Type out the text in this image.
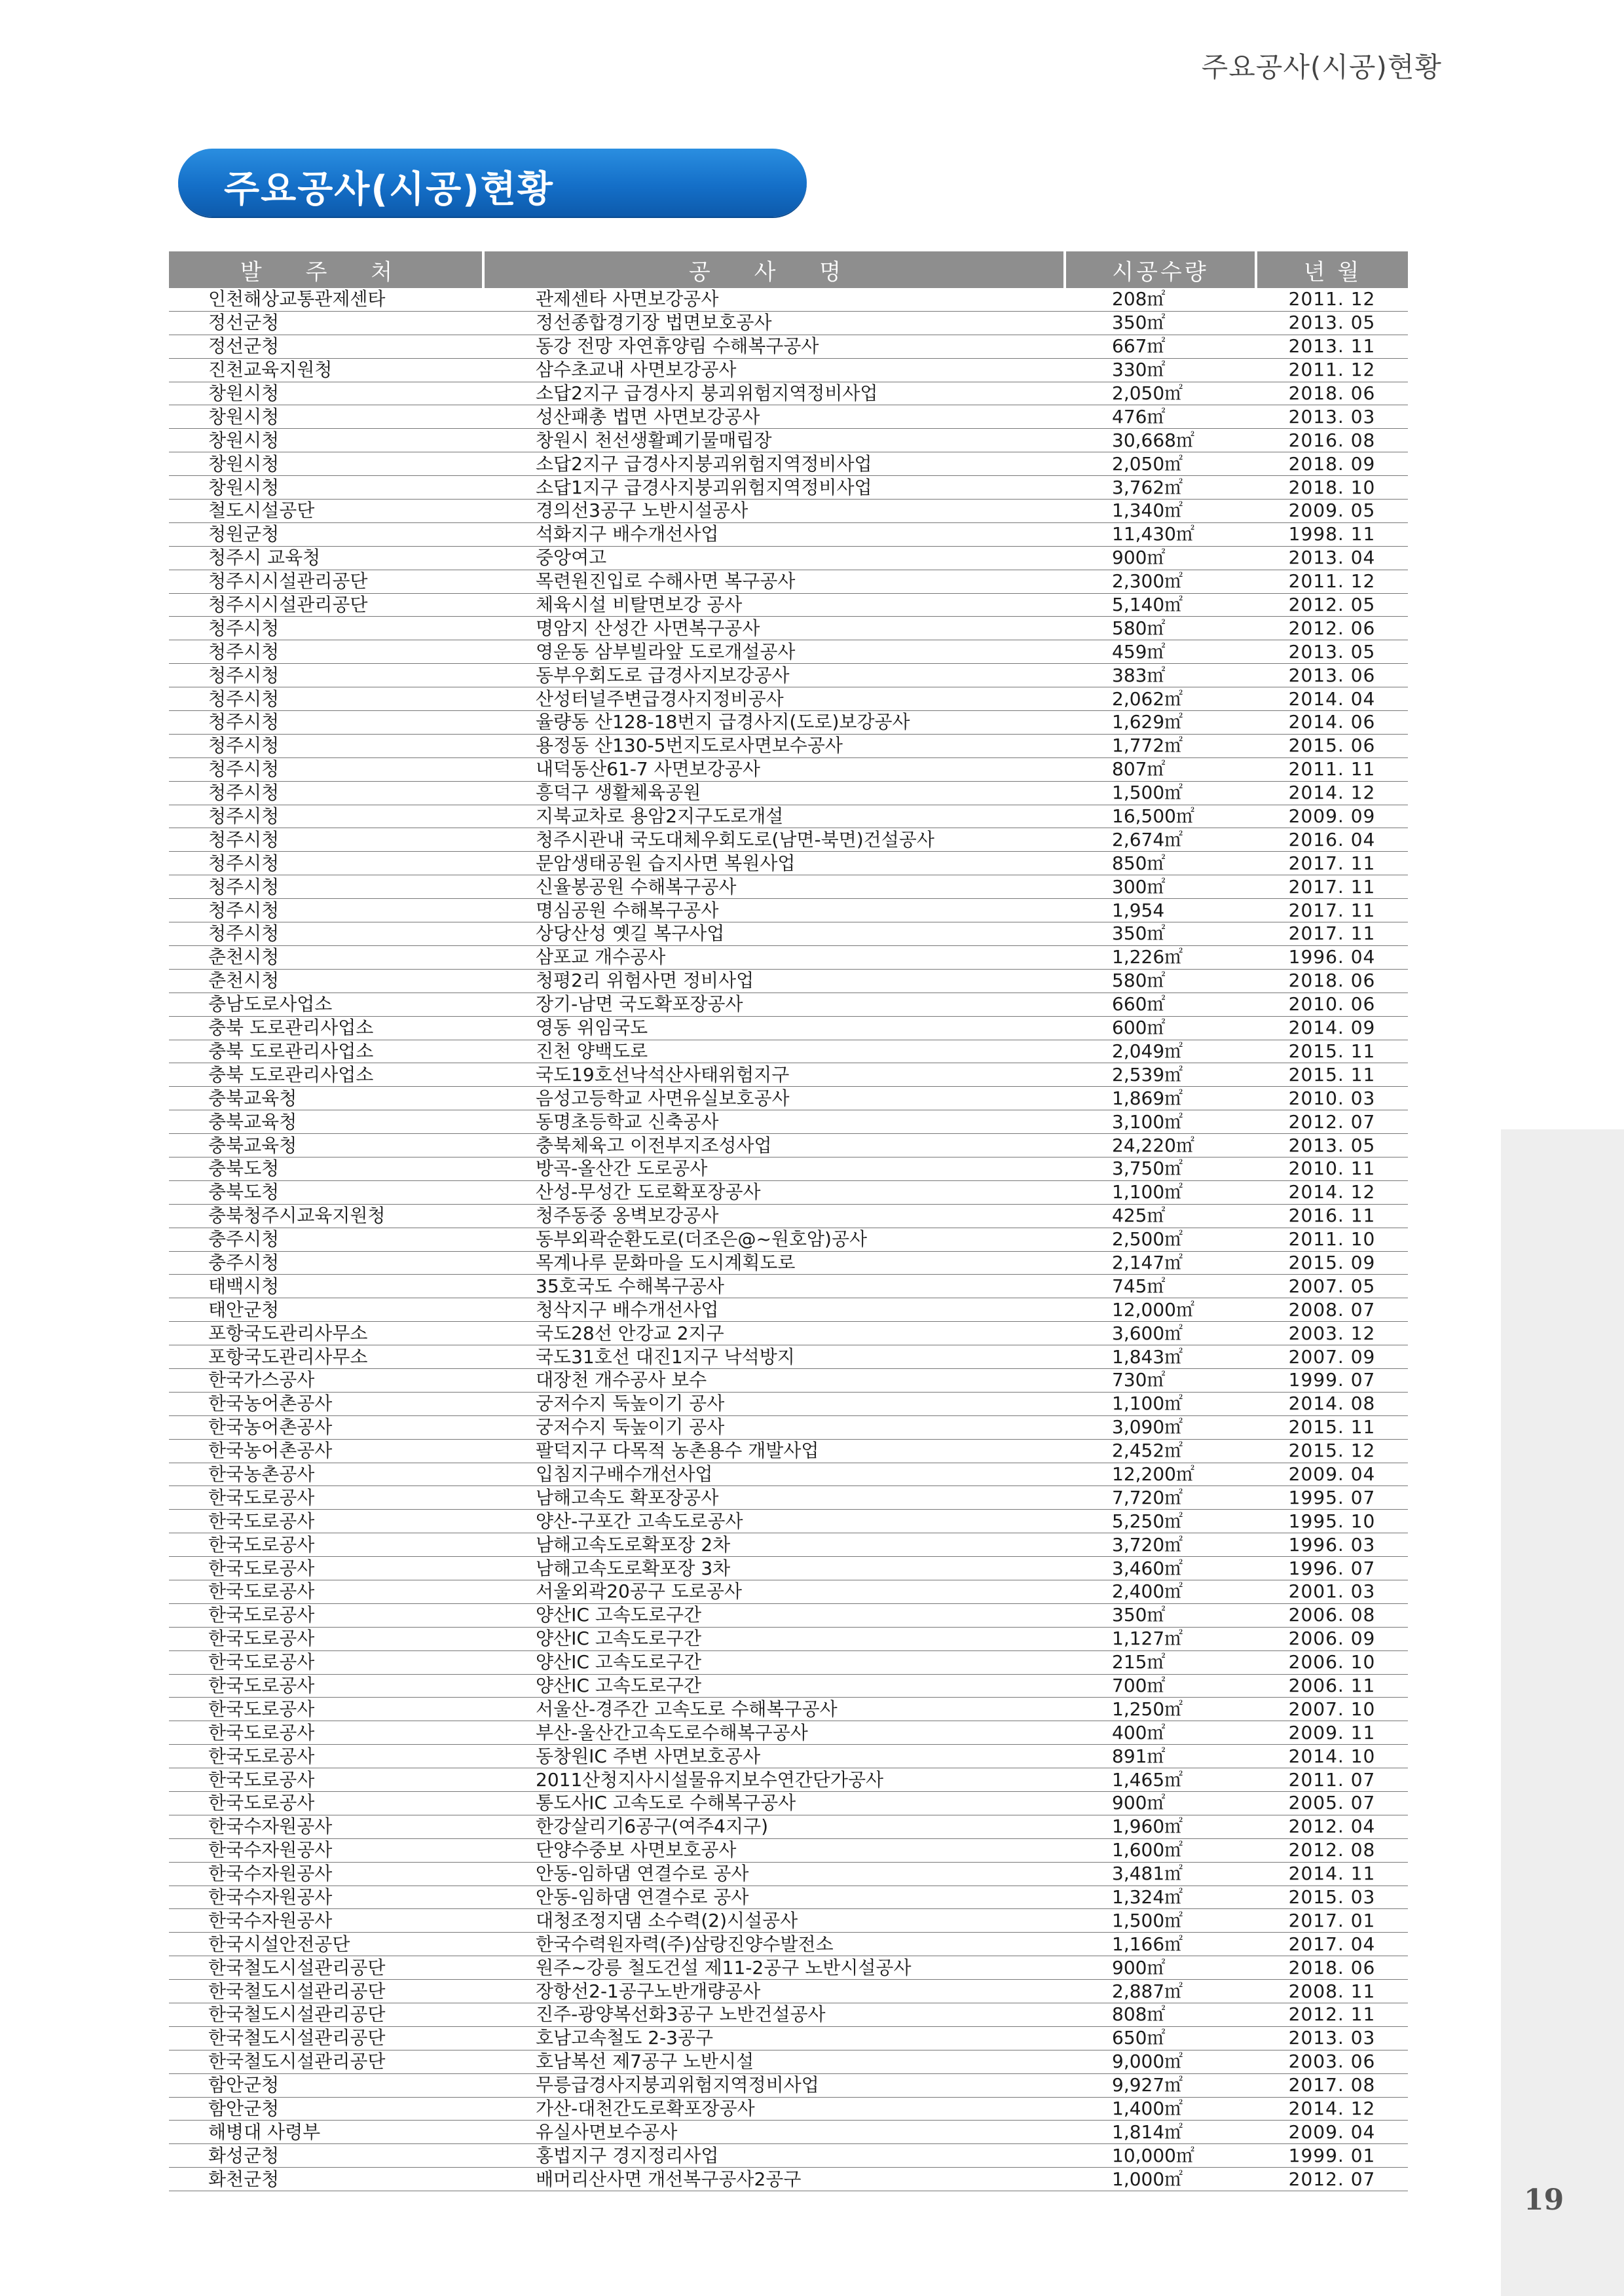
주요공사(시공)현황
주요공사(시공)현황
발 주 처	공 사 명	시공수량	년 월
인천해상교통관제센타	관제센타 사면보강공사	208㎡	2011. 12
정선군청	정선종합경기장 법면보호공사	350㎡	2013. 05
정선군청	동강 전망 자연휴양림 수해복구공사	667㎡	2013. 11
진천교육지원청	삼수초교내 사면보강공사	330㎡	2011. 12
창원시청	소답2지구 급경사지 붕괴위험지역정비사업	2,050㎡	2018. 06
창원시청	성산패총 법면 사면보강공사	476㎡	2013. 03
창원시청	창원시 천선생활폐기물매립장	30,668㎡	2016. 08
창원시청	소답2지구 급경사지붕괴위험지역정비사업	2,050㎡	2018. 09
창원시청	소답1지구 급경사지붕괴위험지역정비사업	3,762㎡	2018. 10
철도시설공단	경의선3공구 노반시설공사	1,340㎡	2009. 05
청원군청	석화지구 배수개선사업	11,430㎡	1998. 11
청주시 교육청	중앙여고	900㎡	2013. 04
청주시시설관리공단	목련원진입로 수해사면 복구공사	2,300㎡	2011. 12
청주시시설관리공단	체육시설 비탈면보강 공사	5,140㎡	2012. 05
청주시청	명암지 산성간 사면복구공사	580㎡	2012. 06
청주시청	영운동 삼부빌라앞 도로개설공사	459㎡	2013. 05
청주시청	동부우회도로 급경사지보강공사	383㎡	2013. 06
청주시청	산성터널주변급경사지정비공사	2,062㎡	2014. 04
청주시청	율량동 산128-18번지 급경사지(도로)보강공사	1,629㎡	2014. 06
청주시청	용정동 산130-5번지도로사면보수공사	1,772㎡	2015. 06
청주시청	내덕동산61-7 사면보강공사	807㎡	2011. 11
청주시청	흥덕구 생활체육공원	1,500㎡	2014. 12
청주시청	지북교차로 용암2지구도로개설	16,500㎡	2009. 09
청주시청	청주시관내 국도대체우회도로(남면-북면)건설공사	2,674㎡	2016. 04
청주시청	문암생태공원 습지사면 복원사업	850㎡	2017. 11
청주시청	신율봉공원 수해복구공사	300㎡	2017. 11
청주시청	명심공원 수해복구공사	1,954	2017. 11
청주시청	상당산성 옛길 복구사업	350㎡	2017. 11
춘천시청	삼포교 개수공사	1,226㎡	1996. 04
춘천시청	청평2리 위험사면 정비사업	580㎡	2018. 06
충남도로사업소	장기-남면 국도확포장공사	660㎡	2010. 06
충북 도로관리사업소	영동 위임국도	600㎡	2014. 09
충북 도로관리사업소	진천 양백도로	2,049㎡	2015. 11
충북 도로관리사업소	국도19호선낙석산사태위험지구	2,539㎡	2015. 11
충북교육청	음성고등학교 사면유실보호공사	1,869㎡	2010. 03
충북교육청	동명초등학교 신축공사	3,100㎡	2012. 07
충북교육청	충북체육고 이전부지조성사업	24,220㎡	2013. 05
충북도청	방곡-올산간 도로공사	3,750㎡	2010. 11
충북도청	산성-무성간 도로확포장공사	1,100㎡	2014. 12
충북청주시교육지원청	청주동중 옹벽보강공사	425㎡	2016. 11
충주시청	동부외곽순환도로(더조은@~원호암)공사	2,500㎡	2011. 10
충주시청	목계나루 문화마을 도시계획도로	2,147㎡	2015. 09
태백시청	35호국도 수해복구공사	745㎡	2007. 05
태안군청	청삭지구 배수개선사업	12,000㎡	2008. 07
포항국도관리사무소	국도28선 안강교 2지구	3,600㎡	2003. 12
포항국도관리사무소	국도31호선 대진1지구 낙석방지	1,843㎡	2007. 09
한국가스공사	대장천 개수공사 보수	730㎡	1999. 07
한국농어촌공사	궁저수지 둑높이기 공사	1,100㎡	2014. 08
한국농어촌공사	궁저수지 둑높이기 공사	3,090㎡	2015. 11
한국농어촌공사	팔덕지구 다목적 농촌용수 개발사업	2,452㎡	2015. 12
한국농촌공사	입침지구배수개선사업	12,200㎡	2009. 04
한국도로공사	남해고속도 확포장공사	7,720㎡	1995. 07
한국도로공사	양산-구포간 고속도로공사	5,250㎡	1995. 10
한국도로공사	남해고속도로확포장 2차	3,720㎡	1996. 03
한국도로공사	남해고속도로확포장 3차	3,460㎡	1996. 07
한국도로공사	서울외곽20공구 도로공사	2,400㎡	2001. 03
한국도로공사	양산IC 고속도로구간	350㎡	2006. 08
한국도로공사	양산IC 고속도로구간	1,127㎡	2006. 09
한국도로공사	양산IC 고속도로구간	215㎡	2006. 10
한국도로공사	양산IC 고속도로구간	700㎡	2006. 11
한국도로공사	서울산-경주간 고속도로 수해복구공사	1,250㎡	2007. 10
한국도로공사	부산-울산간고속도로수해복구공사	400㎡	2009. 11
한국도로공사	동창원IC 주변 사면보호공사	891㎡	2014. 10
한국도로공사	2011산청지사시설물유지보수연간단가공사	1,465㎡	2011. 07
한국도로공사	통도사IC 고속도로 수해복구공사	900㎡	2005. 07
한국수자원공사	한강살리기6공구(여주4지구)	1,960㎡	2012. 04
한국수자원공사	단양수중보 사면보호공사	1,600㎡	2012. 08
한국수자원공사	안동-임하댐 연결수로 공사	3,481㎡	2014. 11
한국수자원공사	안동-임하댐 연결수로 공사	1,324㎡	2015. 03
한국수자원공사	대청조정지댐 소수력(2)시설공사	1,500㎡	2017. 01
한국시설안전공단	한국수력원자력(주)삼랑진양수발전소	1,166㎡	2017. 04
한국철도시설관리공단	원주~강릉 철도건설 제11-2공구 노반시설공사	900㎡	2018. 06
한국철도시설관리공단	장항선2-1공구노반개량공사	2,887㎡	2008. 11
한국철도시설관리공단	진주-광양복선화3공구 노반건설공사	808㎡	2012. 11
한국철도시설관리공단	호남고속철도 2-3공구	650㎡	2013. 03
한국철도시설관리공단	호남복선 제7공구 노반시설	9,000㎡	2003. 06
함안군청	무릉급경사지붕괴위험지역정비사업	9,927㎡	2017. 08
함안군청	가산-대천간도로확포장공사	1,400㎡	2014. 12
해병대 사령부	유실사면보수공사	1,814㎡	2009. 04
화성군청	홍법지구 경지정리사업	10,000㎡	1999. 01
화천군청	배머리산사면 개선복구공사2공구	1,000㎡	2012. 07
19
